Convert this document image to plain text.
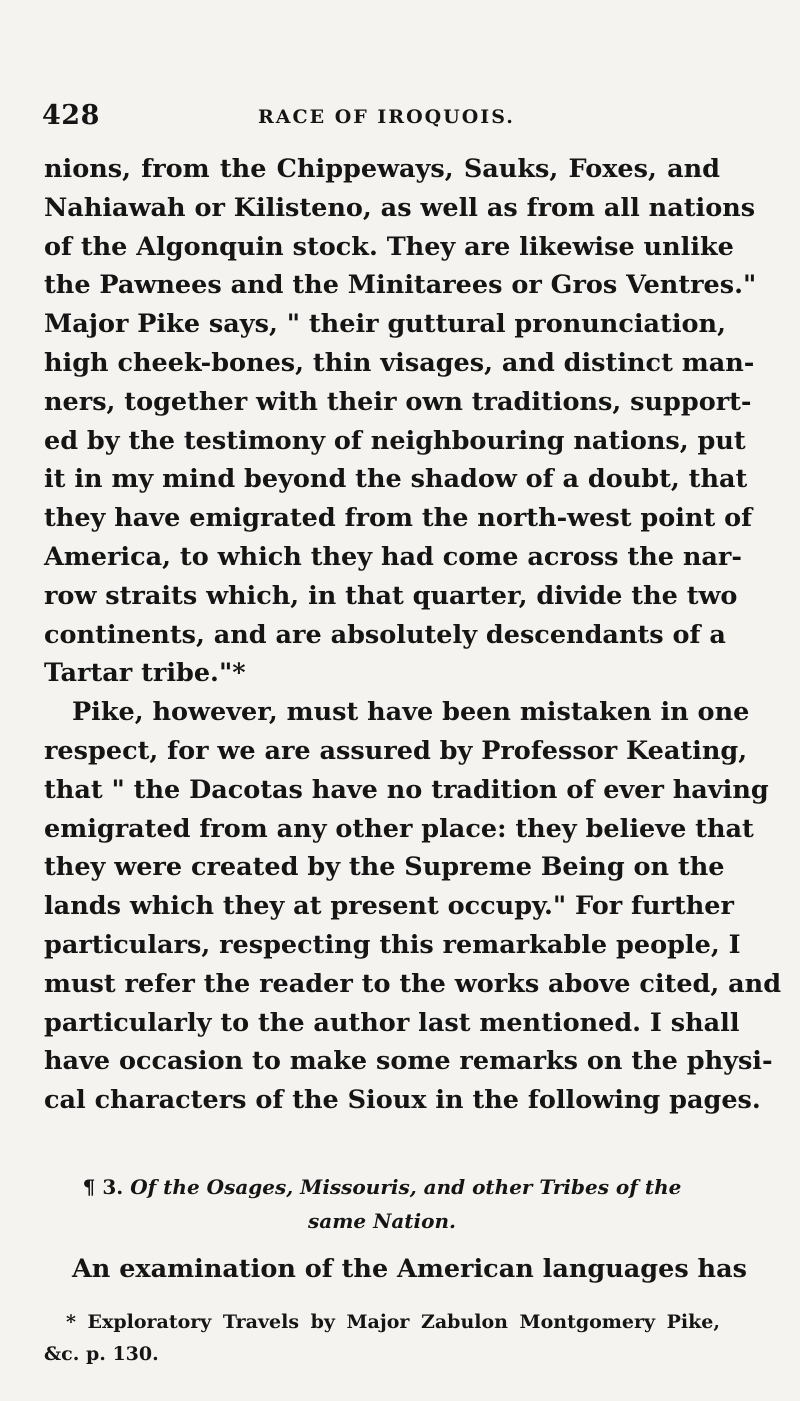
428	RACE OF IROQUOIS.
nions, from the Chippeways, Sauks, Foxes, and
Nahiawah or Kilisteno, as well as from all nations
of the Algonquin stock. They are likewise unlike
the Pawnees and the Minitarees or Gros Ventres."
Major Pike says, " their guttural pronunciation,
high cheek-bones, thin visages, and distinct man-
ners, together with their own traditions, support-
ed by the testimony of neighbouring nations, put
it in my mind beyond the shadow of a doubt, that
they have emigrated from the north-west point of
America, to which they had come across the nar-
row straits which, in that quarter, divide the two
continents, and are absolutely descendants of a
Tartar tribe."*
Pike, however, must have been mistaken in one
respect, for we are assured by Professor Keating,
that " the Dacotas have no tradition of ever having
emigrated from any other place: they believe that
they were created by the Supreme Being on the
lands which they at present occupy." For further
particulars, respecting this remarkable people, I
must refer the reader to the works above cited, and
particularly to the author last mentioned. I shall
have occasion to make some remarks on the physi-
cal characters of the Sioux in the following pages.
¶ 3. Of the Osages, Missouris, and other Tribes of the
same Nation.
An examination of the American languages has
* Exploratory Travels by Major Zabulon Montgomery Pike,
&c. p. 130.
